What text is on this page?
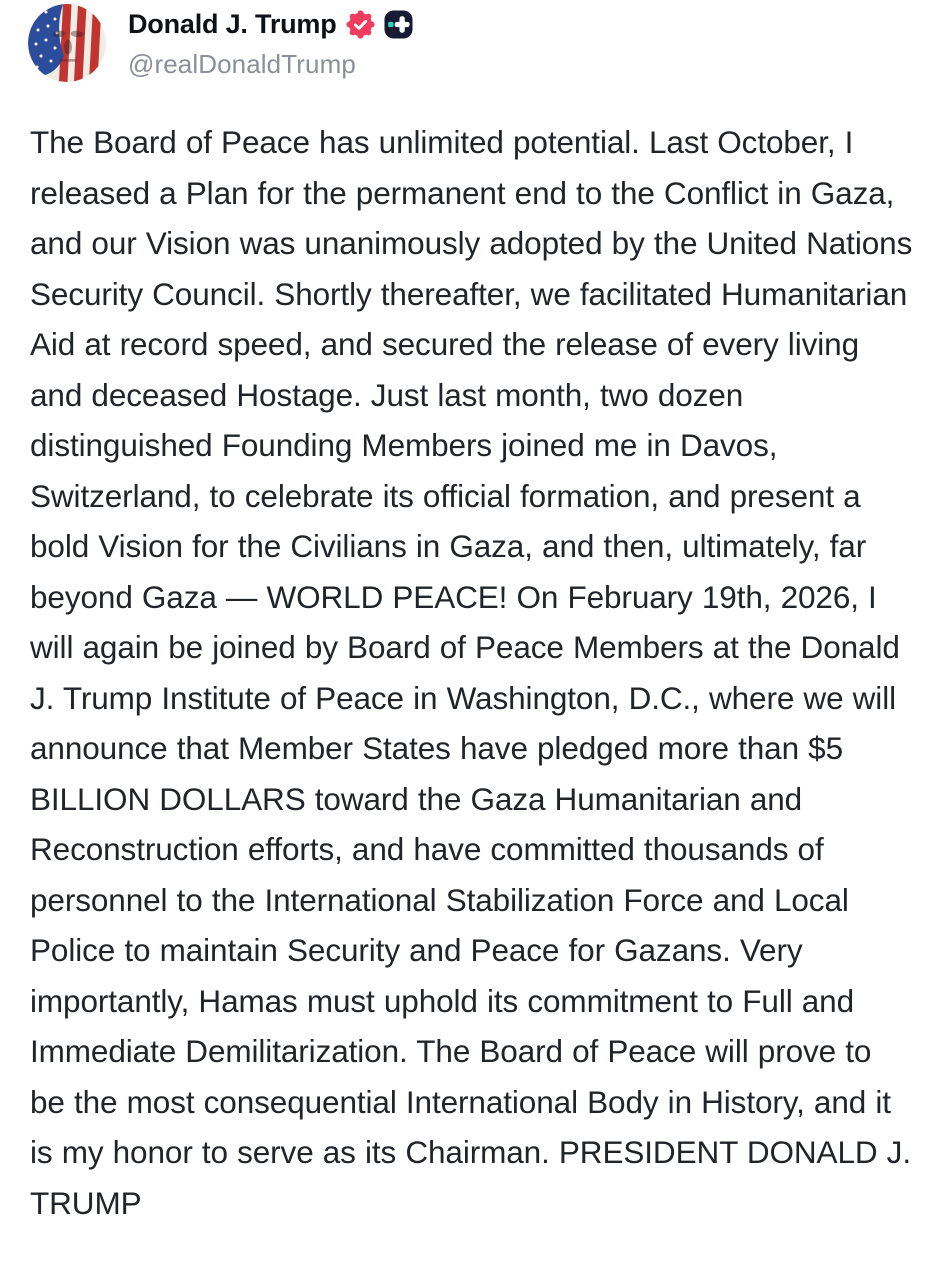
Donald J. Trump
@realDonaldTrump
The Board of Peace has unlimited potential. Last October, I released a Plan for the permanent end to the Conflict in Gaza, and our Vision was unanimously adopted by the United Nations Security Council. Shortly thereafter, we facilitated Humanitarian Aid at record speed, and secured the release of every living and deceased Hostage. Just last month, two dozen distinguished Founding Members joined me in Davos, Switzerland, to celebrate its official formation, and present a bold Vision for the Civilians in Gaza, and then, ultimately, far beyond Gaza — WORLD PEACE! On February 19th, 2026, I will again be joined by Board of Peace Members at the Donald J. Trump Institute of Peace in Washington, D.C., where we will announce that Member States have pledged more than $5 BILLION DOLLARS toward the Gaza Humanitarian and Reconstruction efforts, and have committed thousands of personnel to the International Stabilization Force and Local Police to maintain Security and Peace for Gazans. Very importantly, Hamas must uphold its commitment to Full and Immediate Demilitarization. The Board of Peace will prove to be the most consequential International Body in History, and it is my honor to serve as its Chairman. PRESIDENT DONALD J. TRUMP
